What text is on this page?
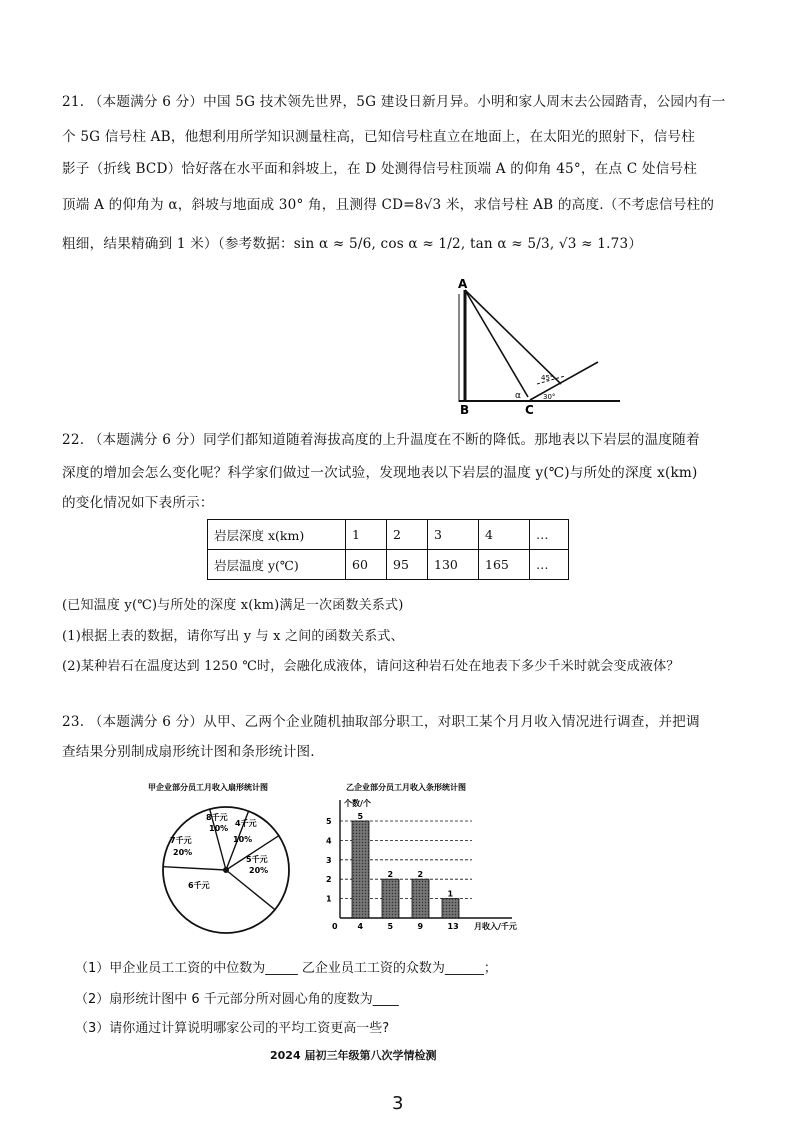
21. （本题满分 6 分）中国 5G 技术领先世界，5G 建设日新月异。小明和家人周末去公园踏青，公园内有一
个 5G 信号柱 AB，他想利用所学知识测量柱高，已知信号柱直立在地面上，在太阳光的照射下，信号柱
影子（折线 BCD）恰好落在水平面和斜坡上，在 D 处测得信号柱顶端 A 的仰角 45°，在点 C 处信号柱
顶端 A 的仰角为 α，斜坡与地面成 30° 角，且测得 CD=8√3 米，求信号柱 AB 的高度.（不考虑信号柱的
粗细，结果精确到 1 米）（参考数据：sin α ≈ 5/6, cos α ≈ 1/2, tan α ≈ 5/3, √3 ≈ 1.73）
A
B	C
α
45°
30°
22. （本题满分 6 分）同学们都知道随着海拔高度的上升温度在不断的降低。那地表以下岩层的温度随着
深度的增加会怎么变化呢？科学家们做过一次试验，发现地表以下岩层的温度 y(℃)与所处的深度 x(km)
的变化情况如下表所示：
岩层深度 x(km)	1	2	3	4	…
岩层温度 y(℃)	60	95	130	165	…
(已知温度 y(℃)与所处的深度 x(km)满足一次函数关系式)
(1)根据上表的数据，请你写出 y 与 x 之间的函数关系式、
(2)某种岩石在温度达到 1250 ℃时，会融化成液体，请问这种岩石处在地表下多少千米时就会变成液体？
23. （本题满分 6 分）从甲、乙两个企业随机抽取部分职工，对职工某个月月收入情况进行调查，并把调
查结果分别制成扇形统计图和条形统计图.
甲企业部分员工月收入扇形统计图
8千元
10%
4千元
10%
5千元
20%
6千元
7千元
20%
乙企业部分员工月收入条形统计图
个数/个
月收入/千元
0
1
2
3
4
5
5
4
2
5
2
9
1
13
（1）甲企业员工工资的中位数为_____ 乙企业员工工资的众数为______；
（2）扇形统计图中 6 千元部分所对圆心角的度数为____
（3）请你通过计算说明哪家公司的平均工资更高一些?
2024 届初三年级第八次学情检测
3
